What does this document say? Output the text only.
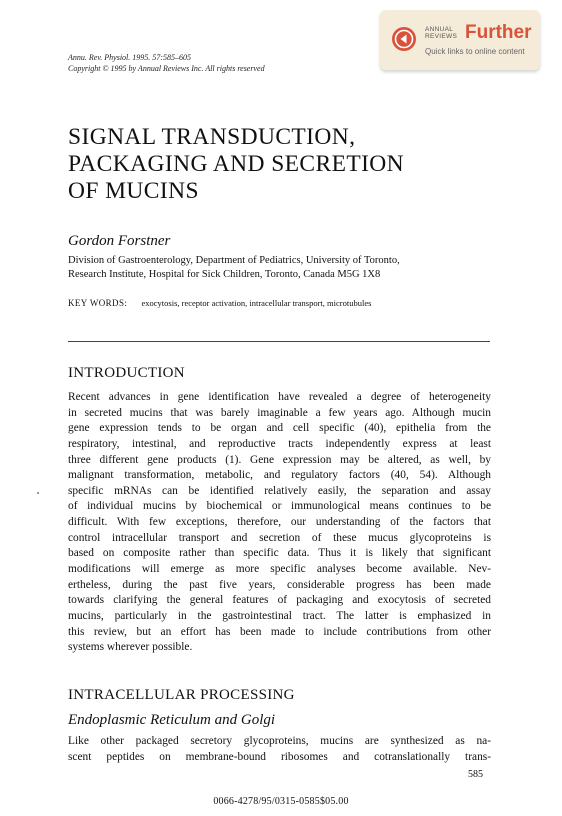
ANNUAL
REVIEWS Further
Quick links to online content
Annu. Rev. Physiol. 1995. 57:585–605
Copyright © 1995 by Annual Reviews Inc. All rights reserved
SIGNAL TRANSDUCTION,
PACKAGING AND SECRETION
OF MUCINS
Gordon Forstner
Division of Gastroenterology, Department of Pediatrics, University of Toronto,
Research Institute, Hospital for Sick Children, Toronto, Canada M5G 1X8
KEY WORDS: exocytosis, receptor activation, intracellular transport, microtubules
INTRODUCTION
Recent advances in gene identification have revealed a degree of heterogeneity
in secreted mucins that was barely imaginable a few years ago. Although mucin
gene expression tends to be organ and cell specific (40), epithelia from the
respiratory, intestinal, and reproductive tracts independently express at least
three different gene products (1). Gene expression may be altered, as well, by
malignant transformation, metabolic, and regulatory factors (40, 54). Although
specific mRNAs can be identified relatively easily, the separation and assay
of individual mucins by biochemical or immunological means continues to be
difficult. With few exceptions, therefore, our understanding of the factors that
control intracellular transport and secretion of these mucus glycoproteins is
based on composite rather than specific data. Thus it is likely that significant
modifications will emerge as more specific analyses become available. Nev-
ertheless, during the past five years, considerable progress has been made
towards clarifying the general features of packaging and exocytosis of secreted
mucins, particularly in the gastrointestinal tract. The latter is emphasized in
this review, but an effort has been made to include contributions from other
systems wherever possible.
INTRACELLULAR PROCESSING
Endoplasmic Reticulum and Golgi
Like other packaged secretory glycoproteins, mucins are synthesized as na-
scent peptides on membrane-bound ribosomes and cotranslationally trans-
585
0066-4278/95/0315-0585$05.00
